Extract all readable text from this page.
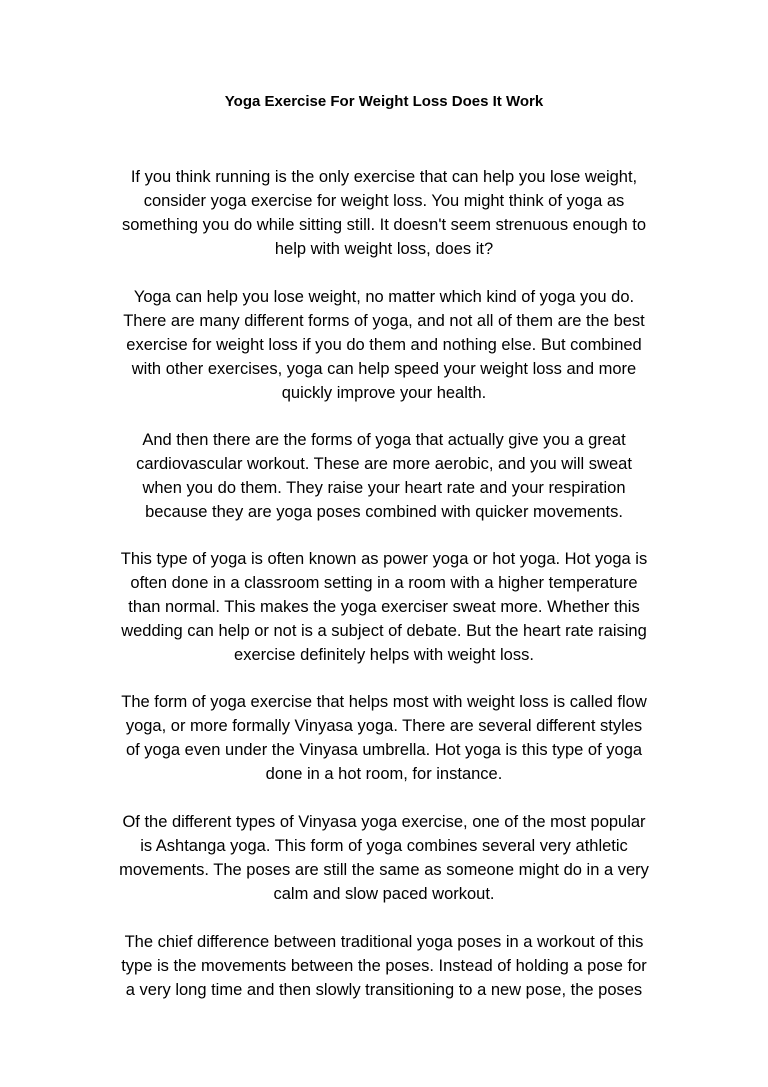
Yoga Exercise For Weight Loss Does It Work
If you think running is the only exercise that can help you lose weight,
consider yoga exercise for weight loss. You might think of yoga as
something you do while sitting still. It doesn't seem strenuous enough to
help with weight loss, does it?
Yoga can help you lose weight, no matter which kind of yoga you do.
There are many different forms of yoga, and not all of them are the best
exercise for weight loss if you do them and nothing else. But combined
with other exercises, yoga can help speed your weight loss and more
quickly improve your health.
And then there are the forms of yoga that actually give you a great
cardiovascular workout. These are more aerobic, and you will sweat
when you do them. They raise your heart rate and your respiration
because they are yoga poses combined with quicker movements.
This type of yoga is often known as power yoga or hot yoga. Hot yoga is
often done in a classroom setting in a room with a higher temperature
than normal. This makes the yoga exerciser sweat more. Whether this
wedding can help or not is a subject of debate. But the heart rate raising
exercise definitely helps with weight loss.
The form of yoga exercise that helps most with weight loss is called flow
yoga, or more formally Vinyasa yoga. There are several different styles
of yoga even under the Vinyasa umbrella. Hot yoga is this type of yoga
done in a hot room, for instance.
Of the different types of Vinyasa yoga exercise, one of the most popular
is Ashtanga yoga. This form of yoga combines several very athletic
movements. The poses are still the same as someone might do in a very
calm and slow paced workout.
The chief difference between traditional yoga poses in a workout of this
type is the movements between the poses. Instead of holding a pose for
a very long time and then slowly transitioning to a new pose, the poses
